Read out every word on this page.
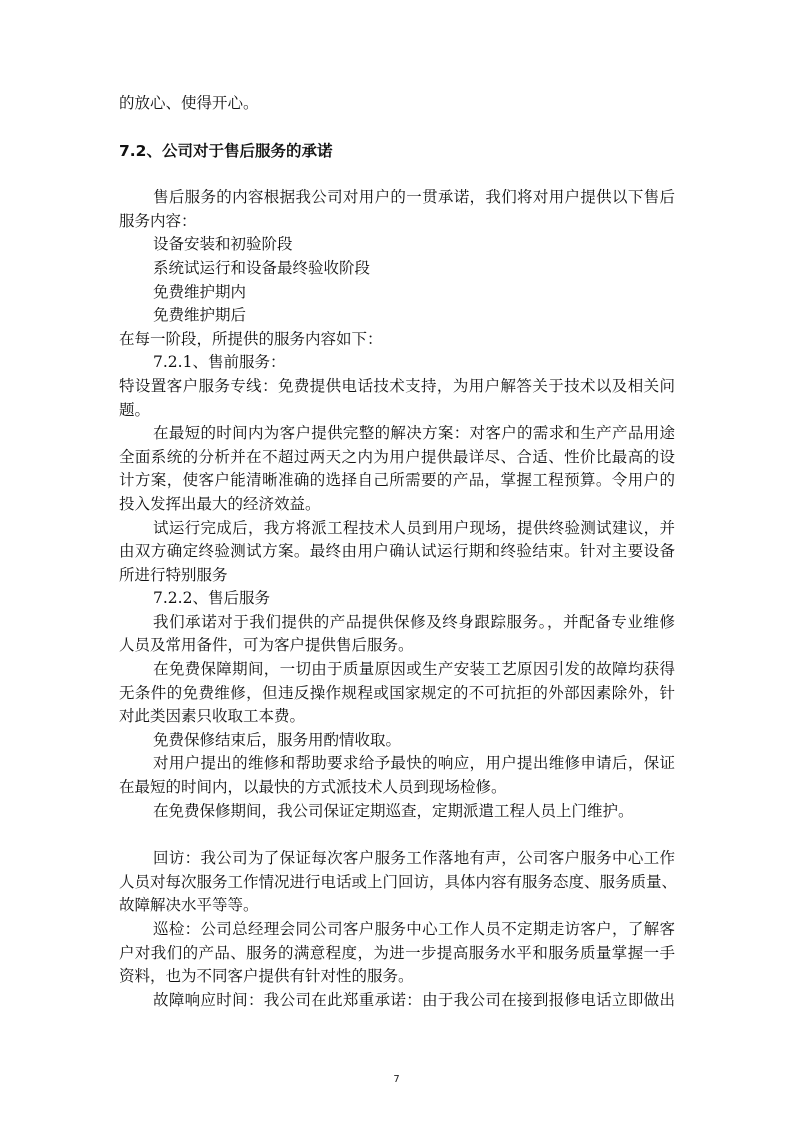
的放心、使得开心。
7.2、公司对于售后服务的承诺
售后服务的内容根据我公司对用户的一贯承诺，我们将对用户提供以下售后
服务内容：
设备安装和初验阶段
系统试运行和设备最终验收阶段
免费维护期内
免费维护期后
在每一阶段，所提供的服务内容如下：
7.2.1、售前服务：
特设置客户服务专线：免费提供电话技术支持，为用户解答关于技术以及相关问
题。
在最短的时间内为客户提供完整的解决方案：对客户的需求和生产产品用途
全面系统的分析并在不超过两天之内为用户提供最详尽、合适、性价比最高的设
计方案，使客户能清晰准确的选择自己所需要的产品，掌握工程预算。令用户的
投入发挥出最大的经济效益。
试运行完成后，我方将派工程技术人员到用户现场，提供终验测试建议，并
由双方确定终验测试方案。最终由用户确认试运行期和终验结束。针对主要设备
所进行特别服务
7.2.2、售后服务
我们承诺对于我们提供的产品提供保修及终身跟踪服务。，并配备专业维修
人员及常用备件，可为客户提供售后服务。
在免费保障期间，一切由于质量原因或生产安装工艺原因引发的故障均获得
无条件的免费维修，但违反操作规程或国家规定的不可抗拒的外部因素除外，针
对此类因素只收取工本费。
免费保修结束后，服务用酌情收取。
对用户提出的维修和帮助要求给予最快的响应，用户提出维修申请后，保证
在最短的时间内，以最快的方式派技术人员到现场检修。
在免费保修期间，我公司保证定期巡查，定期派遣工程人员上门维护。
回访：我公司为了保证每次客户服务工作落地有声，公司客户服务中心工作
人员对每次服务工作情况进行电话或上门回访，具体内容有服务态度、服务质量、
故障解决水平等等。
巡检：公司总经理会同公司客户服务中心工作人员不定期走访客户，了解客
户对我们的产品、服务的满意程度，为进一步提高服务水平和服务质量掌握一手
资料，也为不同客户提供有针对性的服务。
故障响应时间：我公司在此郑重承诺：由于我公司在接到报修电话立即做出
7
